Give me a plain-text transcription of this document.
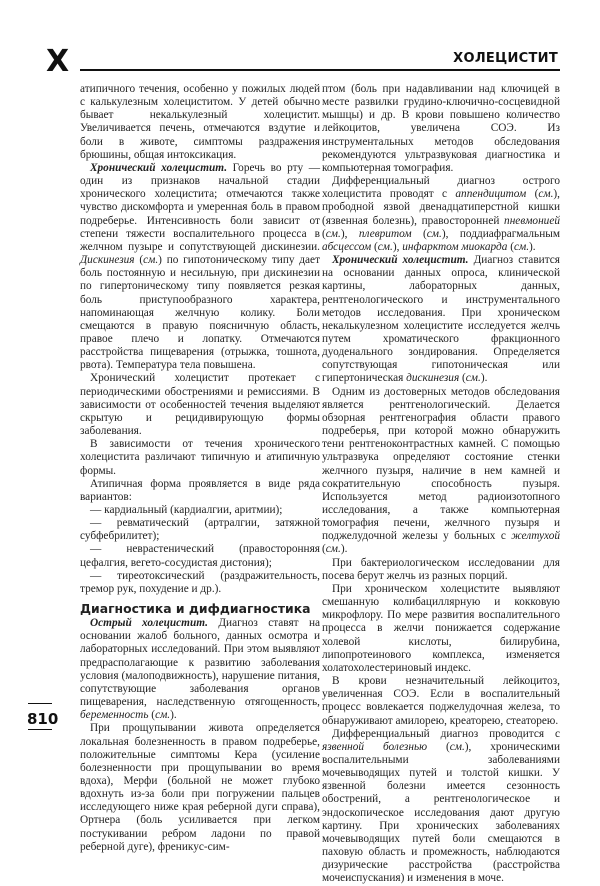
Х	ХОЛЕЦИСТИТ

атипичного течения, особенно у пожилых людей с калькулезным холециститом. У детей обычно бывает некалькулезный холецистит. Увеличивается печень, отмечаются вздутие и боли в животе, симптомы раздражения брюшины, общая интоксикация.

Хронический холецистит. Горечь во рту — один из признаков начальной стадии хронического холецистита; отмечаются также чувство дискомфорта и умеренная боль в правом подреберье. Интенсивность боли зависит от степени тяжести воспалительного процесса в желчном пузыре и сопутствующей дискинезии. Дискинезия (см.) по гипотоническому типу дает боль постоянную и несильную, при дискинезии по гипертоническому типу появляется резкая боль приступообразного характера, напоминающая желчную колику. Боли смещаются в правую поясничную область, правое плечо и лопатку. Отмечаются расстройства пищеварения (отрыжка, тошнота, рвота). Температура тела повышена.

Хронический холецистит протекает с периодическими обострениями и ремиссиями. В зависимости от особенностей течения выделяют скрытую и рецидивирующую формы заболевания.

В зависимости от течения хронического холецистита различают типичную и атипичную формы.

Атипичная форма проявляется в виде ряда вариантов:

— кардиальный (кардиалгии, аритмии);

— ревматический (артралгии, затяжной субфебрилитет);

— неврастенический (правосторонняя цефалгия, вегето-сосудистая дистония);

— тиреотоксический (раздражительность, тремор рук, похудение и др.).

Диагностика и дифдиагностика

Острый холецистит. Диагноз ставят на основании жалоб больного, данных осмотра и лабораторных исследований. При этом выявляют предрасполагающие к развитию заболевания условия (малоподвижность), нарушение питания, сопутствующие заболевания органов пищеварения, наследственную отягощенность, беременность (см.).

При прощупывании живота определяется локальная болезненность в правом подреберье, положительные симптомы Кера (усиление болезненности при прощупывании во время вдоха), Мерфи (больной не может глубоко вдохнуть из-за боли при погружении пальцев исследующего ниже края реберной дуги справа), Ортнера (боль усиливается при легком постукивании ребром ладони по правой реберной дуге), френикус-сим-

птом (боль при надавливании над ключицей в месте развилки грудино-ключично-сосцевидной мышцы) и др. В крови повышено количество лейкоцитов, увеличена СОЭ. Из инструментальных методов обследования рекомендуются ультразвуковая диагностика и компьютерная томография.

Дифференциальный диагноз острого холецистита проводят с аппендицитом (см.), прободной язвой двенадцатиперстной кишки (язвенная болезнь), правосторонней пневмонией (см.), плевритом (см.), поддиафрагмальным абсцессом (см.), инфарктом миокарда (см.).

Хронический холецистит. Диагноз ставится на основании данных опроса, клинической картины, лабораторных данных, рентгенологического и инструментального методов исследования. При хроническом некалькулезном холецистите исследуется желчь путем хроматического фракционного дуоденального зондирования. Определяется сопутствующая гипотоническая или гипертоническая дискинезия (см.).

Одним из достоверных методов обследования является рентгенологический. Делается обзорная рентгенография области правого подреберья, при которой можно обнаружить тени рентгеноконтрастных камней. С помощью ультразвука определяют состояние стенки желчного пузыря, наличие в нем камней и сократительную способность пузыря. Используется метод радиоизотопного исследования, а также компьютерная томография печени, желчного пузыря и поджелудочной железы у больных с желтухой (см.).

При бактериологическом исследовании для посева берут желчь из разных порций.

При хроническом холецистите выявляют смешанную колибациллярную и кокковую микрофлору. По мере развития воспалительного процесса в желчи понижается содержание холевой кислоты, билирубина, липопротеинового комплекса, изменяется холатохолестериновый индекс.

В крови незначительный лейкоцитоз, увеличенная СОЭ. Если в воспалительный процесс вовлекается поджелудочная железа, то обнаруживают амилорею, креаторею, стеаторею.

Дифференциальный диагноз проводится с язвенной болезнью (см.), хроническими воспалительными заболеваниями мочевыводящих путей и толстой кишки. У язвенной болезни имеется сезонность обострений, а рентгенологическое и эндоскопическое исследования дают другую картину. При хронических заболеваниях мочевыводящих путей боли смещаются в паховую область и промежность, наблюдаются дизурические расстройства (расстройства мочеиспускания) и изменения в моче.

810
